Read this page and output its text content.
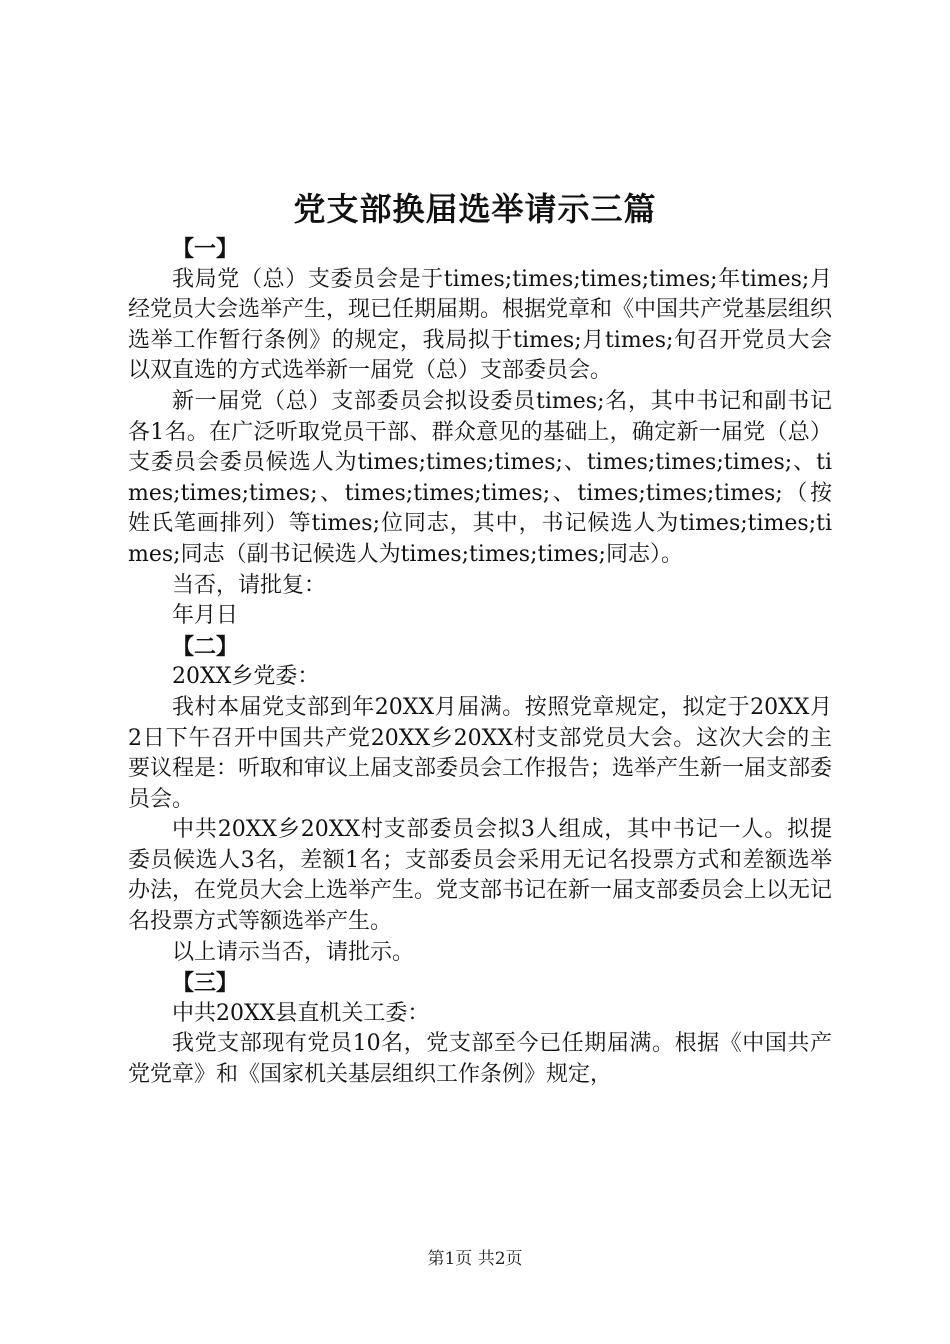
党支部换届选举请示三篇

【一】

我局党（总）支委员会是于times;times;times;times;年times;月经党员大会选举产生，现已任期届期。根据党章和《中国共产党基层组织选举工作暂行条例》的规定，我局拟于times;月times;旬召开党员大会以双直选的方式选举新一届党（总）支部委员会。

新一届党（总）支部委员会拟设委员times;名，其中书记和副书记各1名。在广泛听取党员干部、群众意见的基础上，确定新一届党（总）支委员会委员候选人为times;times;times;、times;times;times;、times;times;times;、times;times;times;、times;times;times;（按姓氏笔画排列）等times;位同志，其中，书记候选人为times;times;times;同志（副书记候选人为times;times;times;同志）。

当否，请批复：

年月日

【二】

20XX乡党委：

我村本届党支部到年20XX月届满。按照党章规定，拟定于20XX月2日下午召开中国共产党20XX乡20XX村支部党员大会。这次大会的主要议程是：听取和审议上届支部委员会工作报告；选举产生新一届支部委员会。

中共20XX乡20XX村支部委员会拟3人组成，其中书记一人。拟提委员候选人3名，差额1名；支部委员会采用无记名投票方式和差额选举办法，在党员大会上选举产生。党支部书记在新一届支部委员会上以无记名投票方式等额选举产生。

以上请示当否，请批示。

【三】

中共20XX县直机关工委：

我党支部现有党员10名，党支部至今已任期届满。根据《中国共产党党章》和《国家机关基层组织工作条例》规定，

第1页 共2页
